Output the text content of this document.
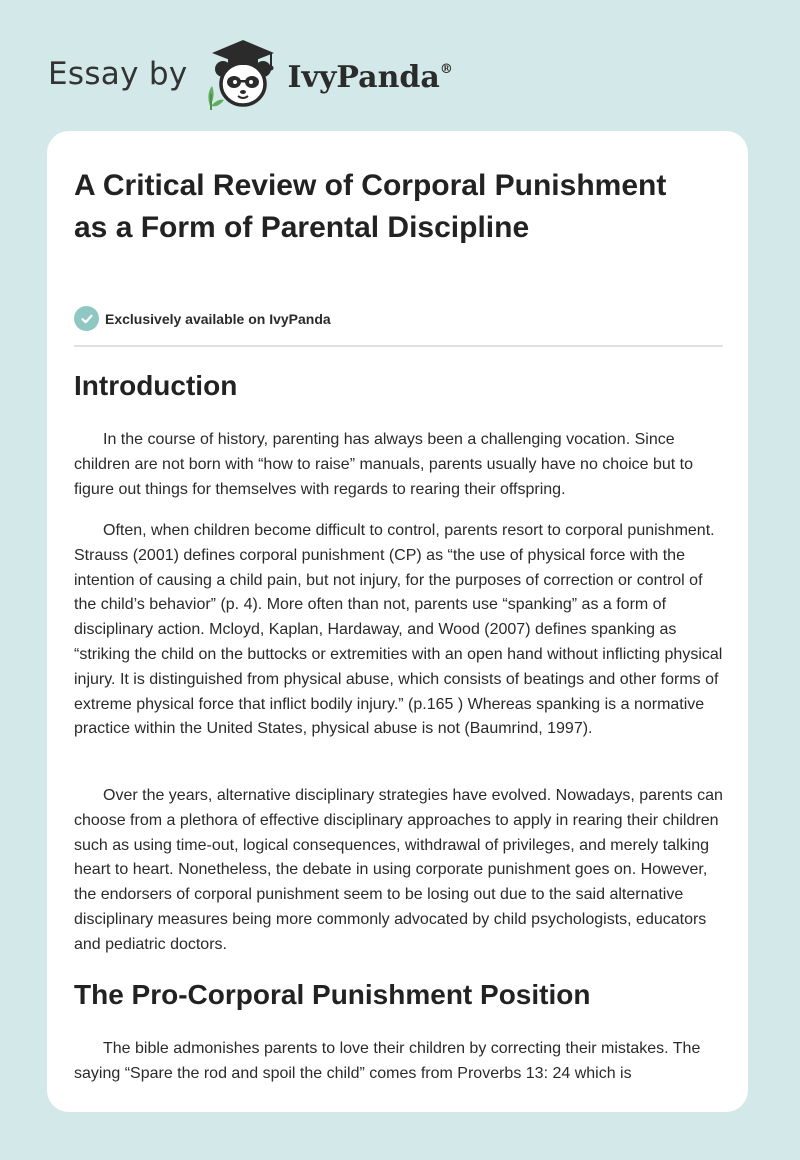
Essay by	IvyPanda®
A Critical Review of Corporal Punishment as a Form of Parental Discipline
Exclusively available on IvyPanda
Introduction

In the course of history, parenting has always been a challenging vocation. Since children are not born with “how to raise” manuals, parents usually have no choice but to figure out things for themselves with regards to rearing their offspring.

Often, when children become difficult to control, parents resort to corporal punishment. Strauss (2001) defines corporal punishment (CP) as “the use of physical force with the intention of causing a child pain, but not injury, for the purposes of correction or control of the child’s behavior” (p. 4). More often than not, parents use “spanking” as a form of disciplinary action. Mcloyd, Kaplan, Hardaway, and Wood (2007) defines spanking as “striking the child on the buttocks or extremities with an open hand without inflicting physical injury. It is distinguished from physical abuse, which consists of beatings and other forms of extreme physical force that inflict bodily injury.” (p.165 ) Whereas spanking is a normative practice within the United States, physical abuse is not (Baumrind, 1997).

Over the years, alternative disciplinary strategies have evolved. Nowadays, parents can choose from a plethora of effective disciplinary approaches to apply in rearing their children such as using time-out, logical consequences, withdrawal of privileges, and merely talking heart to heart. Nonetheless, the debate in using corporate punishment goes on. However, the endorsers of corporal punishment seem to be losing out due to the said alternative disciplinary measures being more commonly advocated by child psychologists, educators and pediatric doctors.

The Pro-Corporal Punishment Position

The bible admonishes parents to love their children by correcting their mistakes. The saying “Spare the rod and spoil the child” comes from Proverbs 13: 24 which is
